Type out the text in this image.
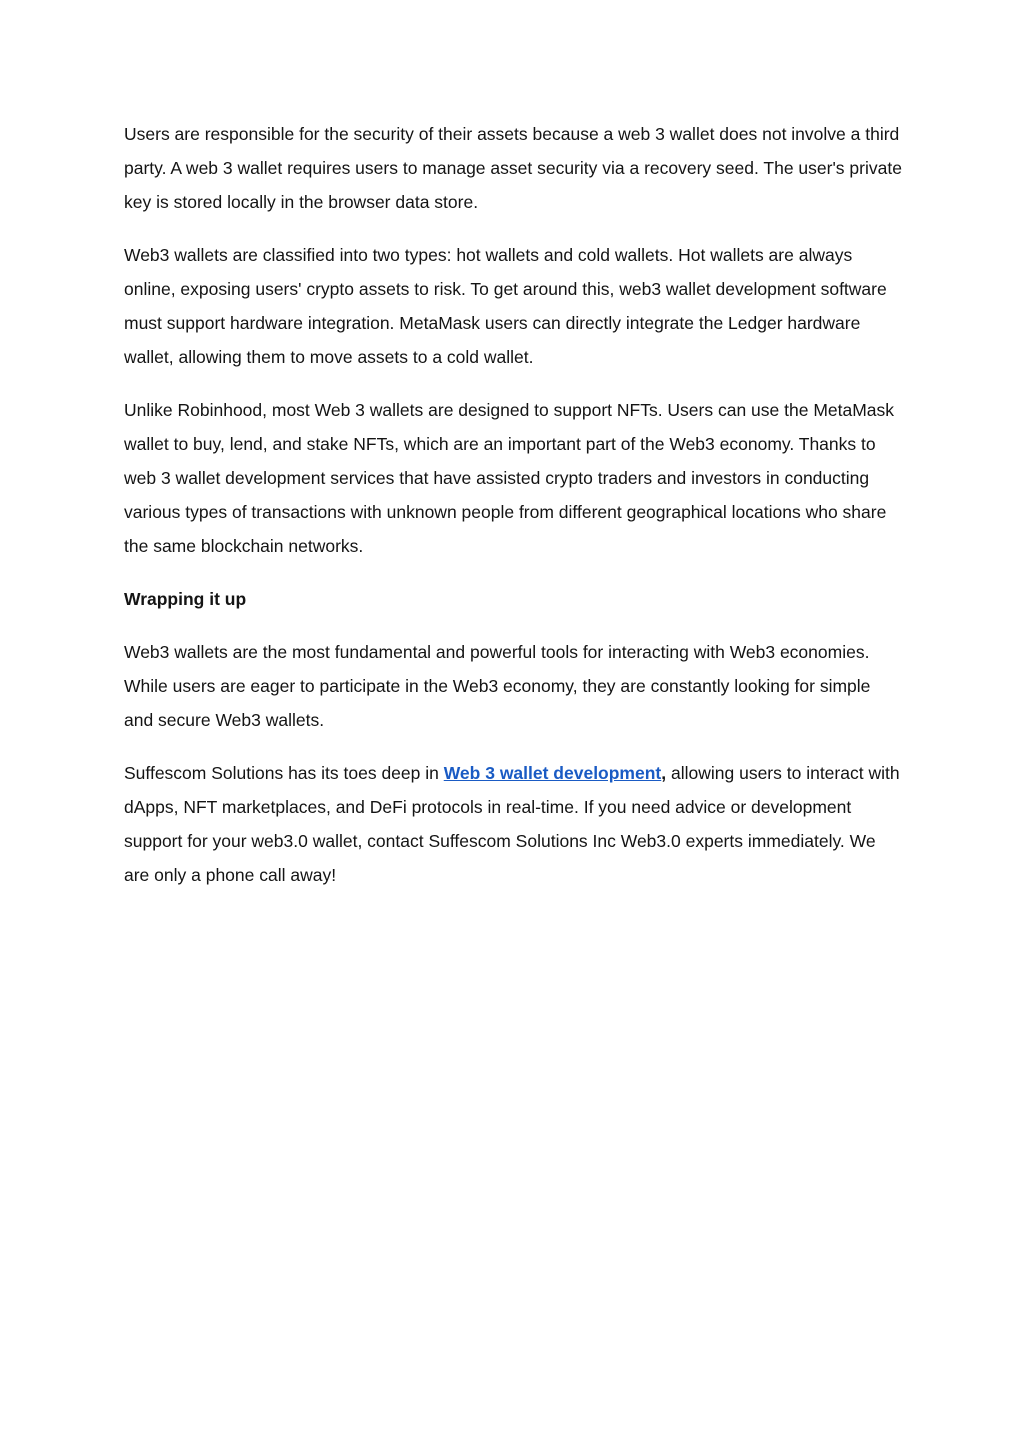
Users are responsible for the security of their assets because a web 3 wallet does not involve a third party. A web 3 wallet requires users to manage asset security via a recovery seed. The user's private key is stored locally in the browser data store.

Web3 wallets are classified into two types: hot wallets and cold wallets. Hot wallets are always online, exposing users' crypto assets to risk. To get around this, web3 wallet development software must support hardware integration. MetaMask users can directly integrate the Ledger hardware wallet, allowing them to move assets to a cold wallet.

Unlike Robinhood, most Web 3 wallets are designed to support NFTs. Users can use the MetaMask wallet to buy, lend, and stake NFTs, which are an important part of the Web3 economy. Thanks to web 3 wallet development services that have assisted crypto traders and investors in conducting various types of transactions with unknown people from different geographical locations who share the same blockchain networks.

Wrapping it up

Web3 wallets are the most fundamental and powerful tools for interacting with Web3 economies. While users are eager to participate in the Web3 economy, they are constantly looking for simple and secure Web3 wallets.

Suffescom Solutions has its toes deep in Web 3 wallet development, allowing users to interact with dApps, NFT marketplaces, and DeFi protocols in real-time. If you need advice or development support for your web3.0 wallet, contact Suffescom Solutions Inc Web3.0 experts immediately. We are only a phone call away!
